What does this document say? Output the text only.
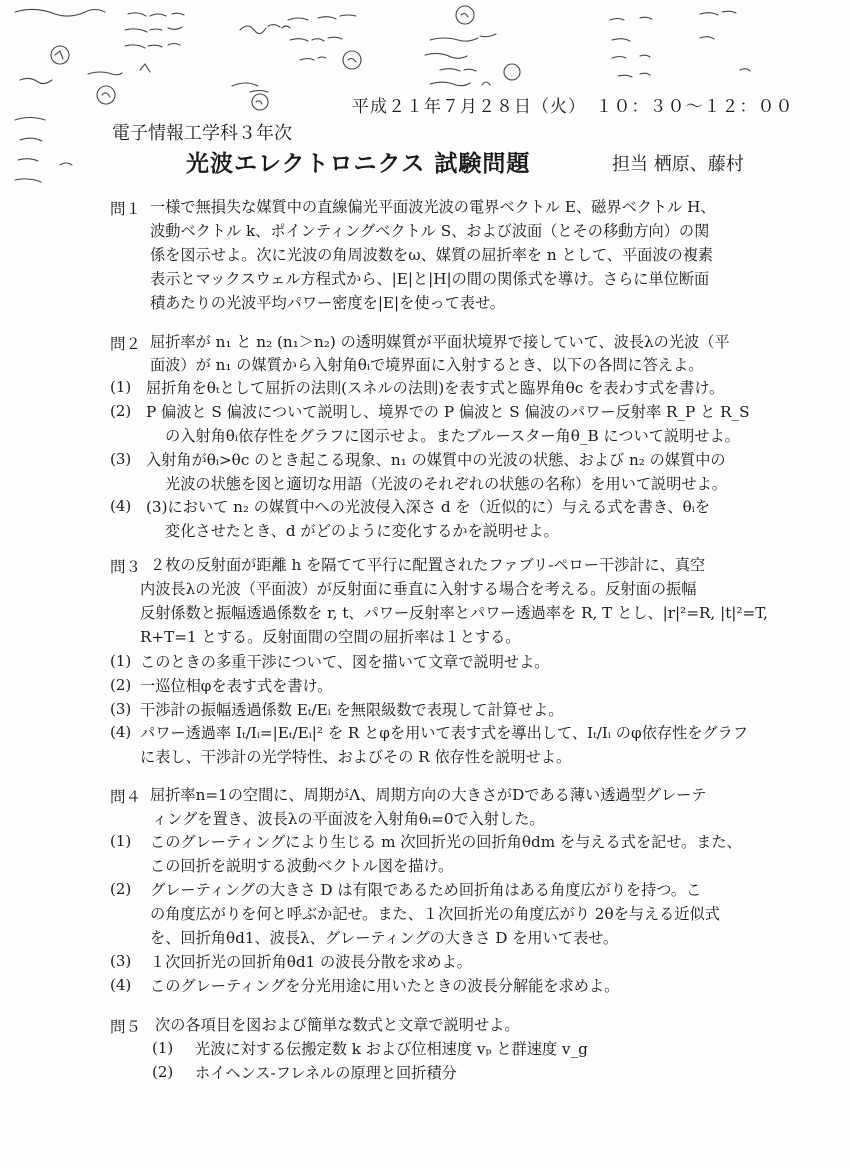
平成２１年７月２８日（火）　１０：３０〜１２：００
電子情報工学科３年次
光波エレクトロニクス 試験問題	担当 栖原、藤村
問１ 一様で無損失な媒質中の直線偏光平面波光波の電界ベクトル E、磁界ベクトル H、
波動ベクトル k、ポインティングベクトル S、および波面（とその移動方向）の関
係を図示せよ。次に光波の角周波数をω、媒質の屈折率を n として、平面波の複素
表示とマックスウェル方程式から、|E|と|H|の間の関係式を導け。さらに単位断面
積あたりの光波平均パワー密度を|E|を使って表せ。
問２ 屈折率が n₁ と n₂ (n₁＞n₂) の透明媒質が平面状境界で接していて、波長λの光波（平
面波）が n₁ の媒質から入射角θᵢで境界面に入射するとき、以下の各問に答えよ。
(1) 屈折角をθₜとして屈折の法則(スネルの法則)を表す式と臨界角θc を表わす式を書け。
(2) P 偏波と S 偏波について説明し、境界での P 偏波と S 偏波のパワー反射率 R_P と R_S
の入射角θᵢ依存性をグラフに図示せよ。またブルースター角θ_B について説明せよ。
(3) 入射角がθᵢ>θc のとき起こる現象、n₁ の媒質中の光波の状態、および n₂ の媒質中の
光波の状態を図と適切な用語（光波のそれぞれの状態の名称）を用いて説明せよ。
(4) (3)において n₂ の媒質中への光波侵入深さ d を（近似的に）与える式を書き、θᵢを
変化させたとき、d がどのように変化するかを説明せよ。
問３ ２枚の反射面が距離 h を隔てて平行に配置されたファブリ-ペロー干渉計に、真空
内波長λの光波（平面波）が反射面に垂直に入射する場合を考える。反射面の振幅
反射係数と振幅透過係数を r, t、パワー反射率とパワー透過率を R, T とし、|r|²=R, |t|²=T,
R+T=1 とする。反射面間の空間の屈折率は１とする。
(1) このときの多重干渉について、図を描いて文章で説明せよ。
(2) 一巡位相φを表す式を書け。
(3) 干渉計の振幅透過係数 Eₜ/Eᵢ を無限級数で表現して計算せよ。
(4) パワー透過率 Iₜ/Iᵢ=|Eₜ/Eᵢ|² を R とφを用いて表す式を導出して、Iₜ/Iᵢ のφ依存性をグラフ
に表し、干渉計の光学特性、およびその R 依存性を説明せよ。
問４ 屈折率n=1の空間に、周期がΛ、周期方向の大きさがDである薄い透過型グレーテ
ィングを置き、波長λの平面波を入射角θᵢ=0で入射した。
(1) このグレーティングにより生じる m 次回折光の回折角θdm を与える式を記せ。また、
この回折を説明する波動ベクトル図を描け。
(2) グレーティングの大きさ D は有限であるため回折角はある角度広がりを持つ。こ
の角度広がりを何と呼ぶか記せ。また、１次回折光の角度広がり 2θを与える近似式
を、回折角θd1、波長λ、グレーティングの大きさ D を用いて表せ。
(3) １次回折光の回折角θd1 の波長分散を求めよ。
(4) このグレーティングを分光用途に用いたときの波長分解能を求めよ。
問５ 次の各項目を図および簡単な数式と文章で説明せよ。
(1) 光波に対する伝搬定数 k および位相速度 vₚ と群速度 v_g
(2) ホイヘンス-フレネルの原理と回折積分
